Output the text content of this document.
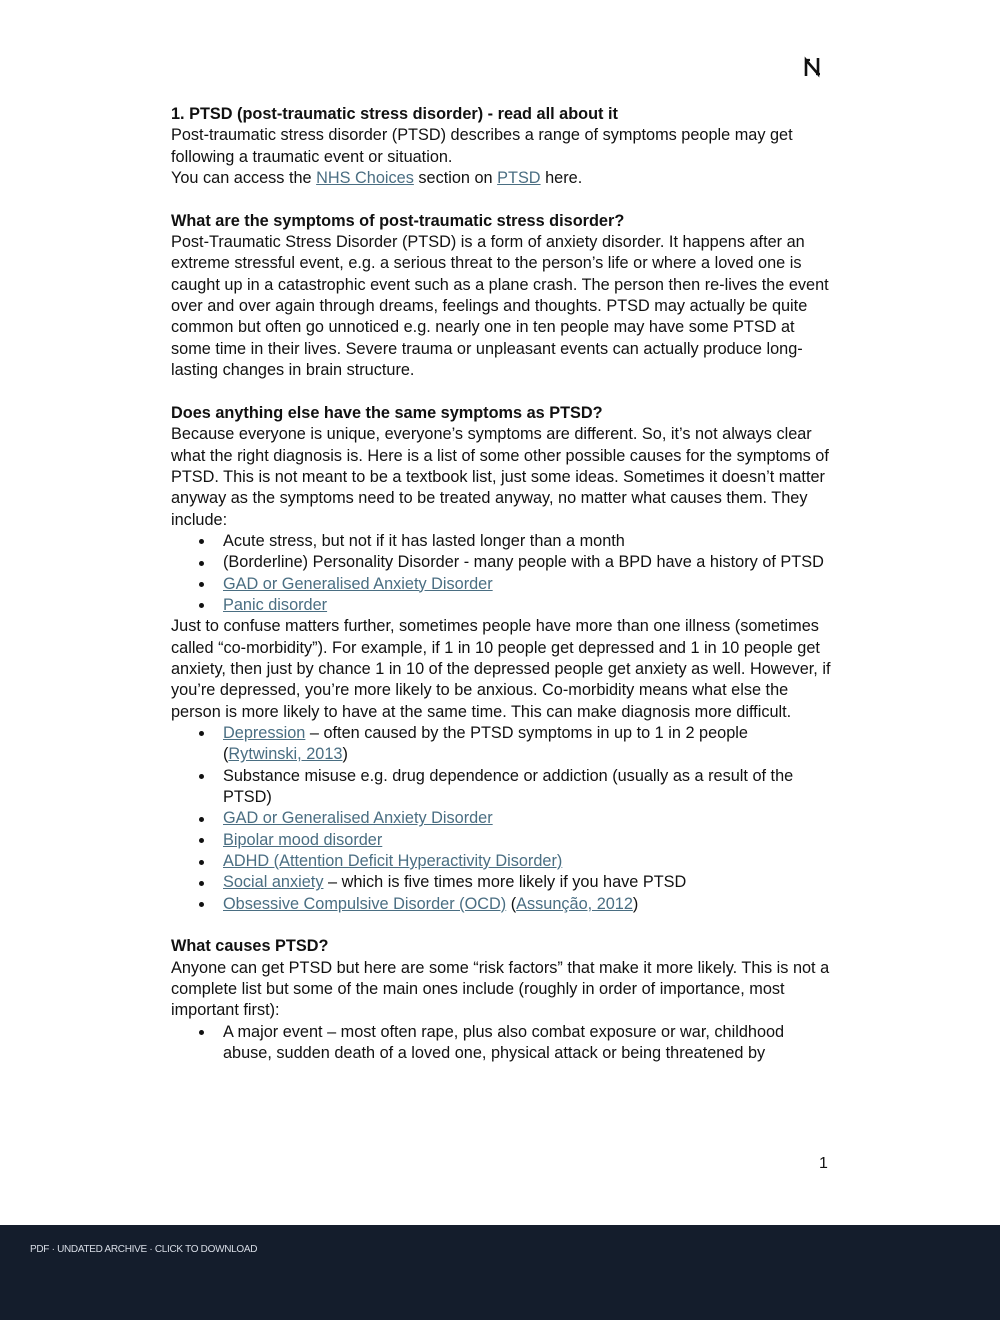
1. PTSD (post-traumatic stress disorder) - read all about it

Post-traumatic stress disorder (PTSD) describes a range of symptoms people may get following a traumatic event or situation.

You can access the NHS Choices section on PTSD here.

What are the symptoms of post-traumatic stress disorder?

Post-Traumatic Stress Disorder (PTSD) is a form of anxiety disorder. It happens after an extreme stressful event, e.g. a serious threat to the person’s life or where a loved one is caught up in a catastrophic event such as a plane crash. The person then re-lives the event over and over again through dreams, feelings and thoughts. PTSD may actually be quite common but often go unnoticed e.g. nearly one in ten people may have some PTSD at some time in their lives. Severe trauma or unpleasant events can actually produce long-lasting changes in brain structure.

Does anything else have the same symptoms as PTSD?

Because everyone is unique, everyone’s symptoms are different. So, it’s not always clear what the right diagnosis is. Here is a list of some other possible causes for the symptoms of PTSD. This is not meant to be a textbook list, just some ideas. Sometimes it doesn’t matter anyway as the symptoms need to be treated anyway, no matter what causes them. They include:

Acute stress, but not if it has lasted longer than a month
(Borderline) Personality Disorder - many people with a BPD have a history of PTSD
GAD or Generalised Anxiety Disorder
Panic disorder

Just to confuse matters further, sometimes people have more than one illness (sometimes called “co-morbidity”). For example, if 1 in 10 people get depressed and 1 in 10 people get anxiety, then just by chance 1 in 10 of the depressed people get anxiety as well. However, if you’re depressed, you’re more likely to be anxious. Co-morbidity means what else the person is more likely to have at the same time. This can make diagnosis more difficult.

Depression – often caused by the PTSD symptoms in up to 1 in 2 people (Rytwinski, 2013)
Substance misuse e.g. drug dependence or addiction (usually as a result of the PTSD)
GAD or Generalised Anxiety Disorder
Bipolar mood disorder
ADHD (Attention Deficit Hyperactivity Disorder)
Social anxiety – which is five times more likely if you have PTSD
Obsessive Compulsive Disorder (OCD) (Assunção, 2012)

What causes PTSD?

Anyone can get PTSD but here are some “risk factors” that make it more likely. This is not a complete list but some of the main ones include (roughly in order of importance, most important first):

A major event – most often rape, plus also combat exposure or war, childhood abuse, sudden death of a loved one, physical attack or being threatened by
1
PDF · UNDATED ARCHIVE · CLICK TO DOWNLOAD
